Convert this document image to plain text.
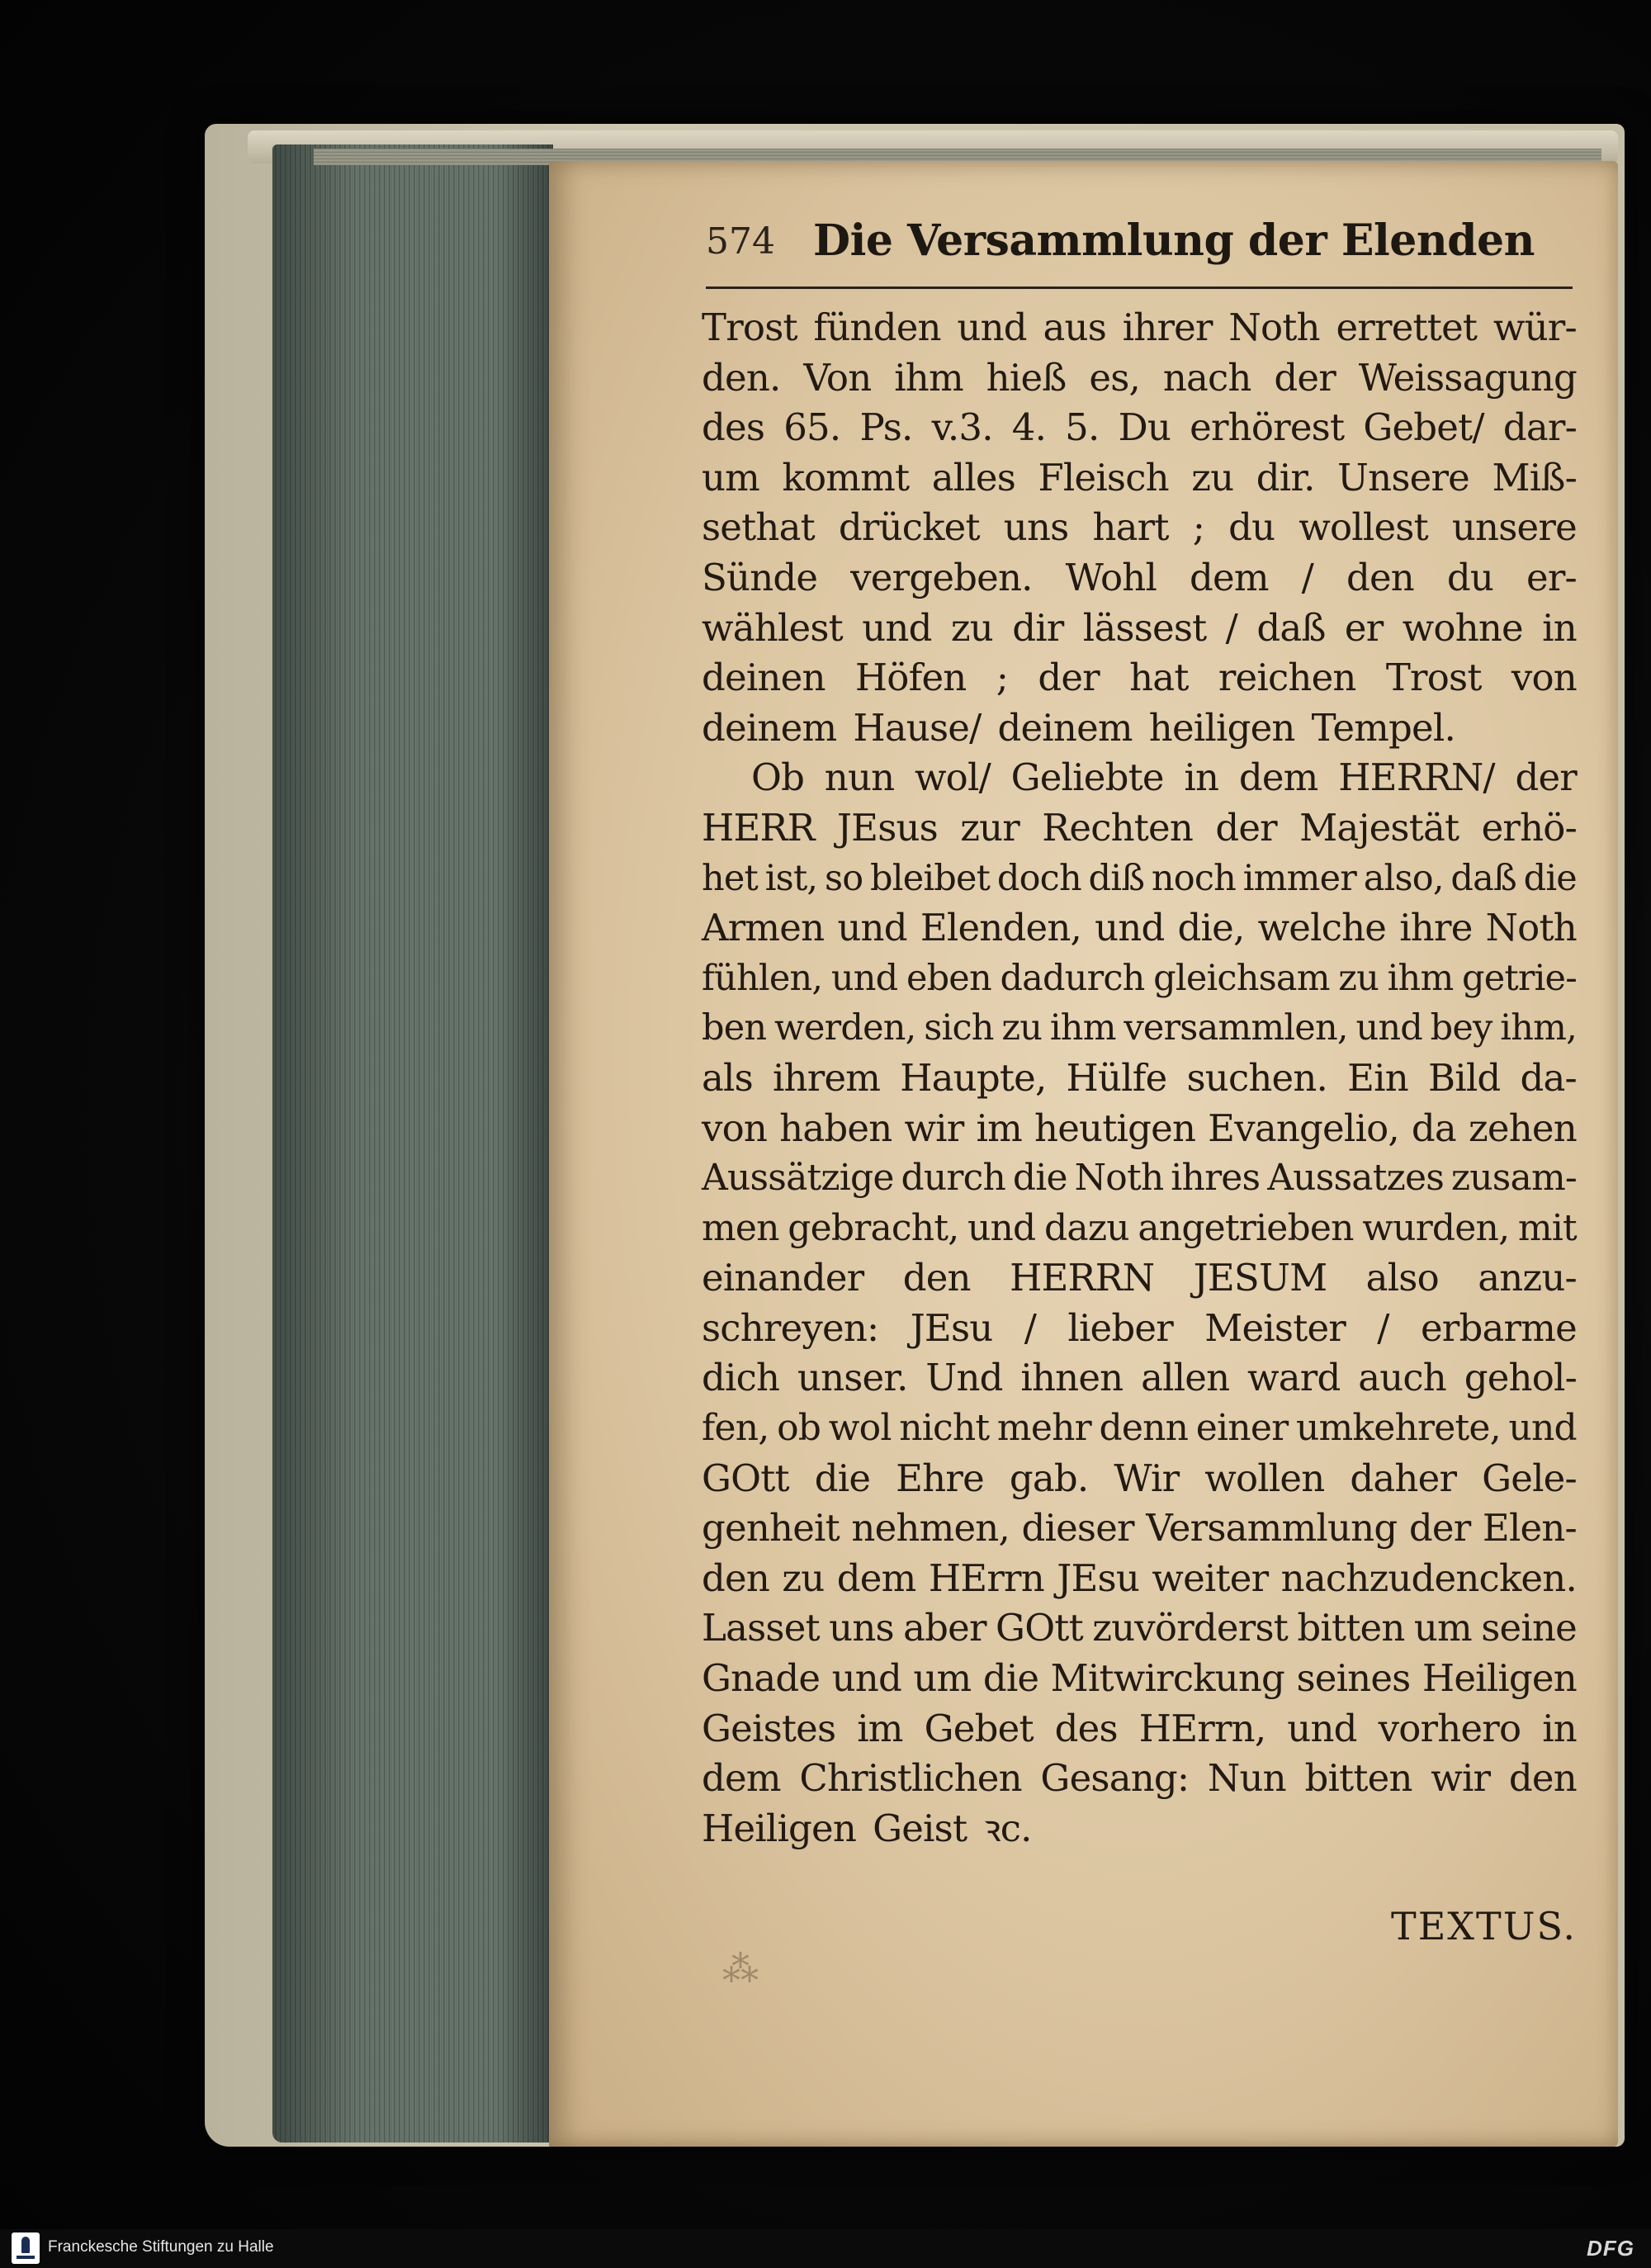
574 Die Versammlung der Elenden
Trost fünden und aus ihrer Noth errettet wür-
den. Von ihm hieß es, nach der Weissagung
des 65. Ps. v.3. 4. 5. Du erhörest Gebet/ dar-
um kommt alles Fleisch zu dir. Unsere Miß-
sethat drücket uns hart ; du wollest unsere
Sünde vergeben. Wohl dem / den du er-
wählest und zu dir lässest / daß er wohne in
deinen Höfen ; der hat reichen Trost von
deinem Hause/ deinem heiligen Tempel.
Ob nun wol/ Geliebte in dem HERRN/ der
HERR JEsus zur Rechten der Majestät erhö-
het ist, so bleibet doch diß noch immer also, daß die
Armen und Elenden, und die, welche ihre Noth
fühlen, und eben dadurch gleichsam zu ihm getrie-
ben werden, sich zu ihm versammlen, und bey ihm,
als ihrem Haupte, Hülfe suchen. Ein Bild da-
von haben wir im heutigen Evangelio, da zehen
Aussätzige durch die Noth ihres Aussatzes zusam-
men gebracht, und dazu angetrieben wurden, mit
einander den HERRN JESUM also anzu-
schreyen: JEsu / lieber Meister / erbarme
dich unser. Und ihnen allen ward auch gehol-
fen, ob wol nicht mehr denn einer umkehrete, und
GOtt die Ehre gab. Wir wollen daher Gele-
genheit nehmen, dieser Versammlung der Elen-
den zu dem HErrn JEsu weiter nachzudencken.
Lasset uns aber GOtt zuvörderst bitten um seine
Gnade und um die Mitwirckung seines Heiligen
Geistes im Gebet des HErrn, und vorhero in
dem Christlichen Gesang: Nun bitten wir den
Heiligen Geist ꝛc.
TEXTUS.
⁂
Franckesche Stiftungen zu Halle	DFG
